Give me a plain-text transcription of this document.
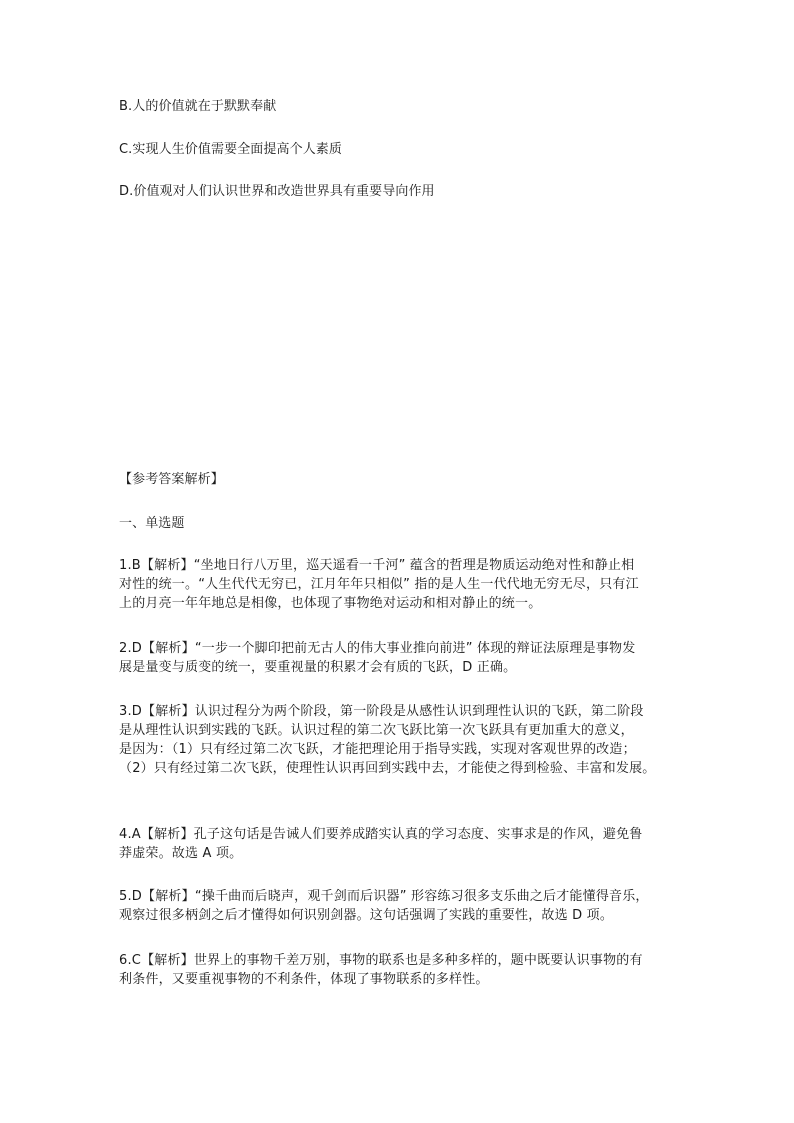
B.人的价值就在于默默奉献
C.实现人生价值需要全面提高个人素质
D.价值观对人们认识世界和改造世界具有重要导向作用
【参考答案解析】
一、单选题
1.B【解析】“坐地日行八万里，巡天遥看一千河” 蕴含的哲理是物质运动绝对性和静止相
对性的统一。“人生代代无穷已，江月年年只相似” 指的是人生一代代地无穷无尽，只有江
上的月亮一年年地总是相像，也体现了事物绝对运动和相对静止的统一。
2.D【解析】“一步一个脚印把前无古人的伟大事业推向前进” 体现的辩证法原理是事物发
展是量变与质变的统一，要重视量的积累才会有质的飞跃，D 正确。
3.D【解析】认识过程分为两个阶段，第一阶段是从感性认识到理性认识的飞跃，第二阶段
是从理性认识到实践的飞跃。认识过程的第二次飞跃比第一次飞跃具有更加重大的意义，
是因为：（1）只有经过第二次飞跃，才能把理论用于指导实践，实现对客观世界的改造；
（2）只有经过第二次飞跃，使理性认识再回到实践中去，才能使之得到检验、丰富和发展。
4.A【解析】孔子这句话是告诫人们要养成踏实认真的学习态度、实事求是的作风，避免鲁
莽虚荣。故选 A 项。
5.D【解析】“操千曲而后晓声，观千剑而后识器” 形容练习很多支乐曲之后才能懂得音乐，
观察过很多柄剑之后才懂得如何识别剑器。这句话强调了实践的重要性，故选 D 项。
6.C【解析】世界上的事物千差万别，事物的联系也是多种多样的，题中既要认识事物的有
利条件，又要重视事物的不利条件，体现了事物联系的多样性。
